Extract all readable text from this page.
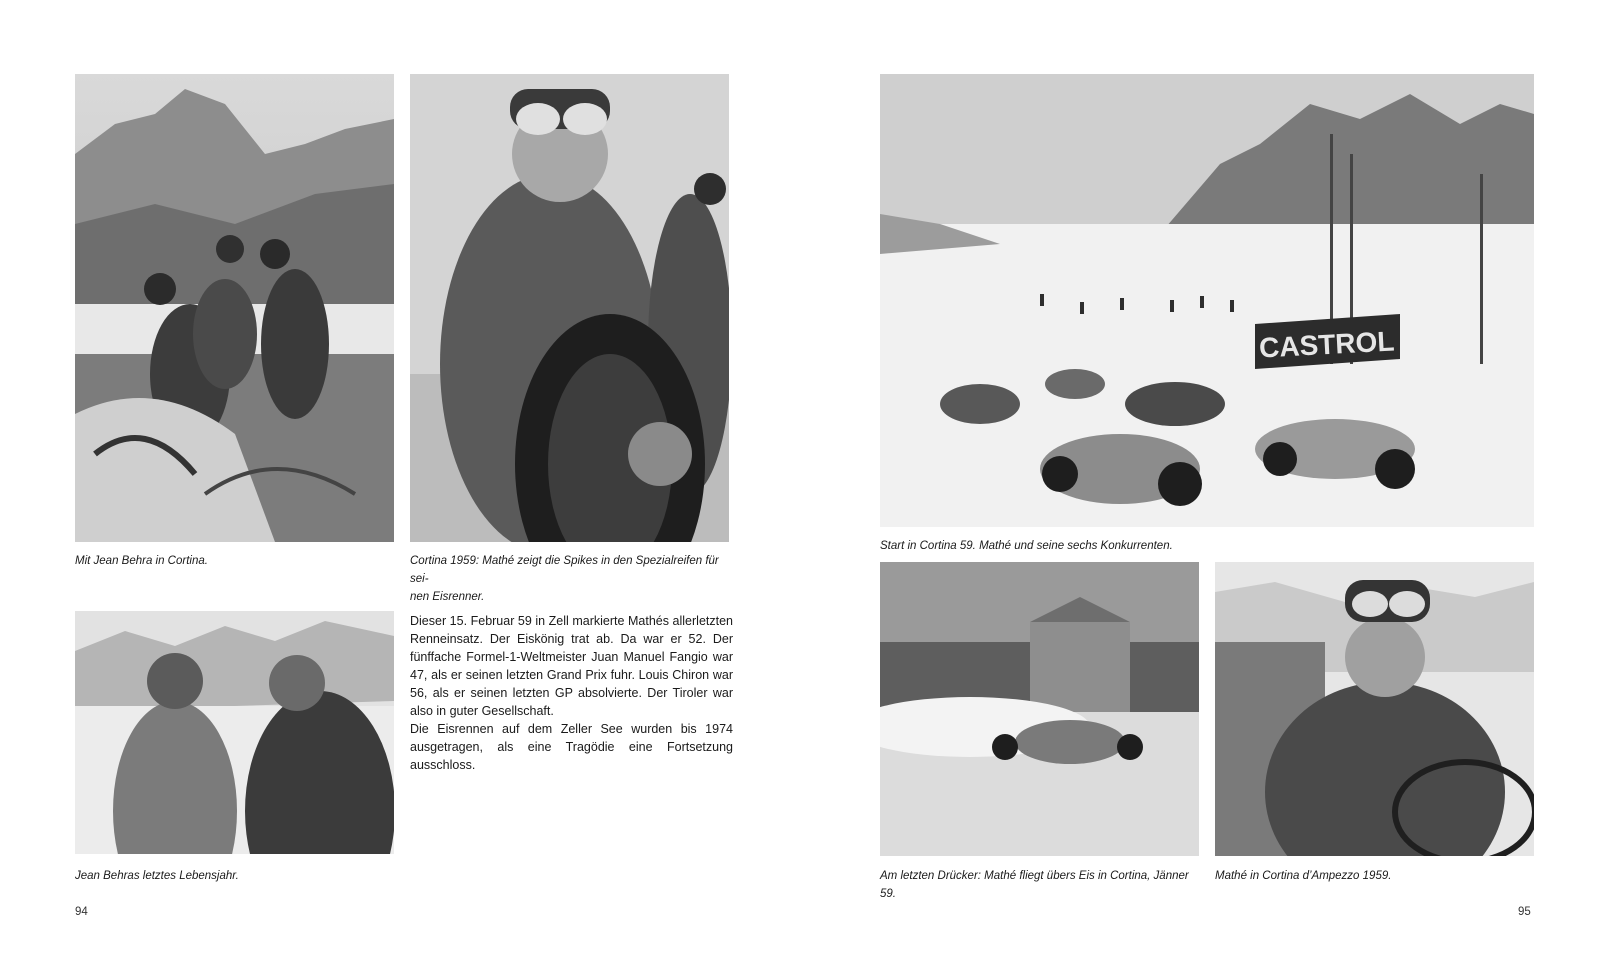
Mit Jean Behra in Cortina.	Cortina 1959: Mathé zeigt die Spikes in den Spezialreifen für sei-
nen Eisrenner.

Dieser 15. Februar 59 in Zell markierte Mathés allerletzten Renneinsatz. Der Eiskönig trat ab. Da war er 52. Der fünffache Formel-1-Weltmeister Juan Manuel Fangio war 47, als er seinen letzten Grand Prix fuhr. Louis Chiron war 56, als er seinen letzten GP absolvierte. Der Tiroler war also in guter Gesellschaft.

Die Eisrennen auf dem Zeller See wurden bis 1974 ausgetragen, als eine Tragödie eine Fortsetzung ausschloss.

Jean Behras letztes Lebensjahr.
94
CASTROL
Start in Cortina 59. Mathé und seine sechs Konkurrenten.
Am letzten Drücker: Mathé fliegt übers Eis in Cortina, Jänner 59.
Mathé in Cortina d’Ampezzo 1959.
95
